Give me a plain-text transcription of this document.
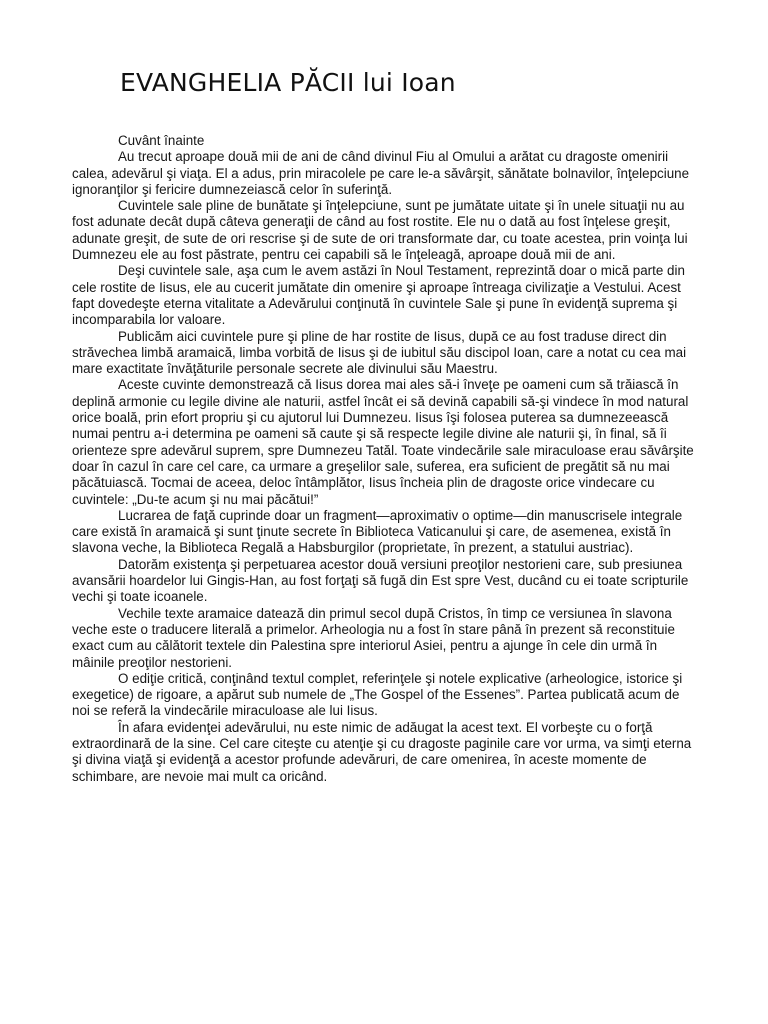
EVANGHELIA PĂCII lui Ioan

Cuvânt înainte

Au trecut aproape două mii de ani de când divinul Fiu al Omului a arătat cu dragoste omenirii calea, adevărul şi viaţa. El a adus, prin miracolele pe care le-a săvârşit, sănătate bolnavilor, înţelepciune ignoranţilor şi fericire dumnezeiască celor în suferinţă.

Cuvintele sale pline de bunătate şi înţelepciune, sunt pe jumătate uitate şi în unele situaţii nu au fost adunate decât după câteva generaţii de când au fost rostite. Ele nu o dată au fost înţelese greşit, adunate greşit, de sute de ori rescrise şi de sute de ori transformate dar, cu toate acestea, prin voinţa lui Dumnezeu ele au fost păstrate, pentru cei capabili să le înţeleagă, aproape două mii de ani.

Deşi cuvintele sale, aşa cum le avem astăzi în Noul Testament, reprezintă doar o mică parte din cele rostite de Iisus, ele au cucerit jumătate din omenire şi aproape întreaga civilizaţie a Vestului. Acest fapt dovedeşte eterna vitalitate a Adevărului conţinută în cuvintele Sale şi pune în evidenţă suprema şi incomparabila lor valoare.

Publicăm aici cuvintele pure şi pline de har rostite de Iisus, după ce au fost traduse direct din străvechea limbă aramaică, limba vorbită de Iisus şi de iubitul său discipol Ioan, care a notat cu cea mai mare exactitate învăţăturile personale secrete ale divinului său Maestru.

Aceste cuvinte demonstrează că Iisus dorea mai ales să-i înveţe pe oameni cum să trăiască în deplină armonie cu legile divine ale naturii, astfel încât ei să devină capabili să-şi vindece în mod natural orice boală, prin efort propriu şi cu ajutorul lui Dumnezeu. Iisus îşi folosea puterea sa dumnezeească numai pentru a-i determina pe oameni să caute şi să respecte legile divine ale naturii şi, în final, să îi orienteze spre adevărul suprem, spre Dumnezeu Tatăl. Toate vindecările sale miraculoase erau săvârşite doar în cazul în care cel care, ca urmare a greşelilor sale, suferea, era suficient de pregătit să nu mai păcătuiască. Tocmai de aceea, deloc întâmplător, Iisus încheia plin de dragoste orice vindecare cu cuvintele: „Du-te acum şi nu mai păcătui!”

Lucrarea de faţă cuprinde doar un fragment—aproximativ o optime—din manuscrisele integrale care există în aramaică şi sunt ţinute secrete în Biblioteca Vaticanului şi care, de asemenea, există în slavona veche, la Biblioteca Regală a Habsburgilor (proprietate, în prezent, a statului austriac).

Datorăm existenţa şi perpetuarea acestor două versiuni preoţilor nestorieni care, sub presiunea avansării hoardelor lui Gingis-Han, au fost forţaţi să fugă din Est spre Vest, ducând cu ei toate scripturile vechi şi toate icoanele.

Vechile texte aramaice datează din primul secol după Cristos, în timp ce versiunea în slavona veche este o traducere literală a primelor. Arheologia nu a fost în stare până în prezent să reconstituie exact cum au călătorit textele din Palestina spre interiorul Asiei, pentru a ajunge în cele din urmă în mâinile preoţilor nestorieni.

O ediţie critică, conţinând textul complet, referinţele şi notele explicative (arheologice, istorice şi exegetice) de rigoare, a apărut sub numele de „The Gospel of the Essenes”. Partea publicată acum de noi se referă la vindecările miraculoase ale lui Iisus.

În afara evidenţei adevărului, nu este nimic de adăugat la acest text. El vorbeşte cu o forţă extraordinară de la sine. Cel care citeşte cu atenţie şi cu dragoste paginile care vor urma, va simţi eterna şi divina viaţă şi evidenţă a acestor profunde adevăruri, de care omenirea, în aceste momente de schimbare, are nevoie mai mult ca oricând.
